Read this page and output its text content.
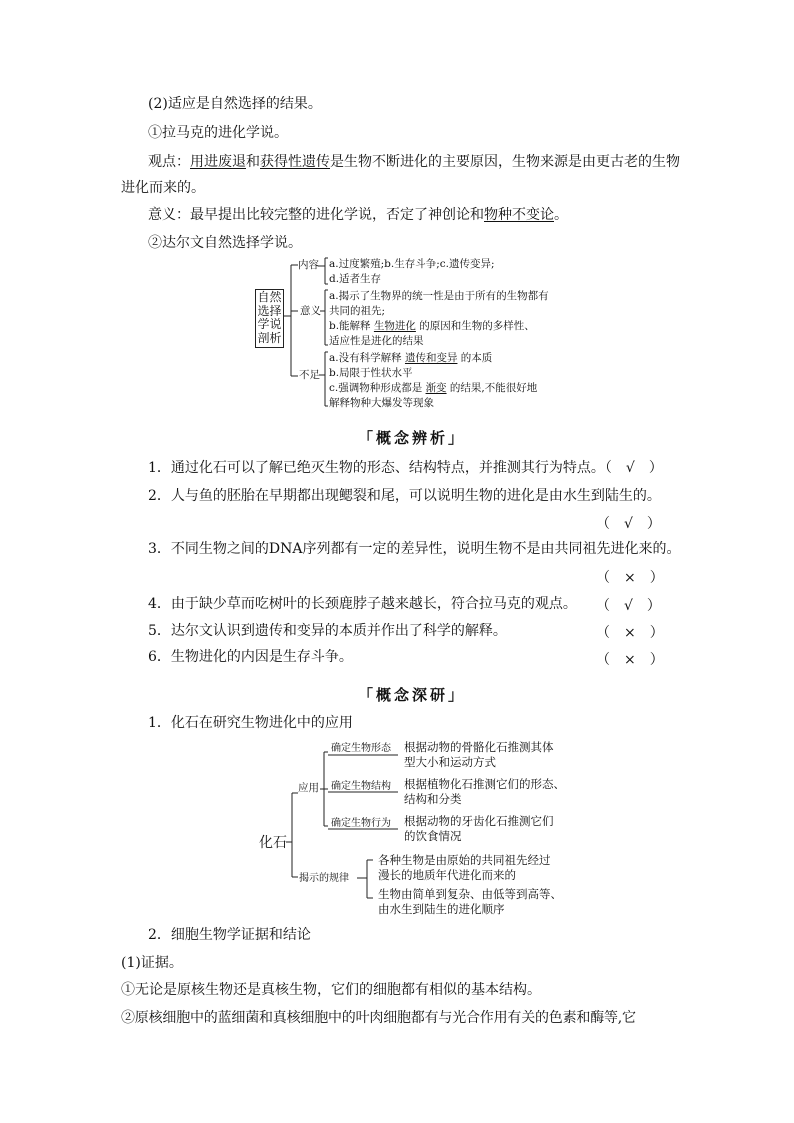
(2)适应是自然选择的结果。
①拉马克的进化学说。
观点：用进废退和获得性遗传是生物不断进化的主要原因，生物来源是由更古老的生物
进化而来的。
意义：最早提出比较完整的进化学说，否定了神创论和物种不变论。
②达尔文自然选择学说。
自然选择学说剖析
内容
意义
不足
a.过度繁殖;b.生存斗争;c.遗传变异;
d.适者生存
a.揭示了生物界的统一性是由于所有的生物都有
共同的祖先;
b.能解释 生物进化 的原因和生物的多样性、
适应性是进化的结果
a.没有科学解释 遗传和变异 的本质
b.局限于性状水平
c.强调物种形成都是 渐变 的结果,不能很好地
解释物种大爆发等现象
「概念辨析」
1．通过化石可以了解已绝灭生物的形态、结构特点，并推测其行为特点。（　√　）
2．人与鱼的胚胎在早期都出现鳃裂和尾，可以说明生物的进化是由水生到陆生的。
（　√　）
3．不同生物之间的DNA序列都有一定的差异性，说明生物不是由共同祖先进化来的。
（　×　）
4．由于缺少草而吃树叶的长颈鹿脖子越来越长，符合拉马克的观点。 （　√　）
5．达尔文认识到遗传和变异的本质并作出了科学的解释。	（　×　）
6．生物进化的内因是生存斗争。	（　×　）
「概念深研」
1．化石在研究生物进化中的应用
化石
应用
揭示的规律
确定生物形态 根据动物的骨骼化石推测其体
型大小和运动方式
确定生物结构 根据植物化石推测它们的形态、
结构和分类
确定生物行为 根据动物的牙齿化石推测它们
的饮食情况
各种生物是由原始的共同祖先经过
漫长的地质年代进化而来的
生物由简单到复杂、由低等到高等、
由水生到陆生的进化顺序
2．细胞生物学证据和结论
(1)证据。
①无论是原核生物还是真核生物，它们的细胞都有相似的基本结构。
②原核细胞中的蓝细菌和真核细胞中的叶肉细胞都有与光合作用有关的色素和酶等,它
